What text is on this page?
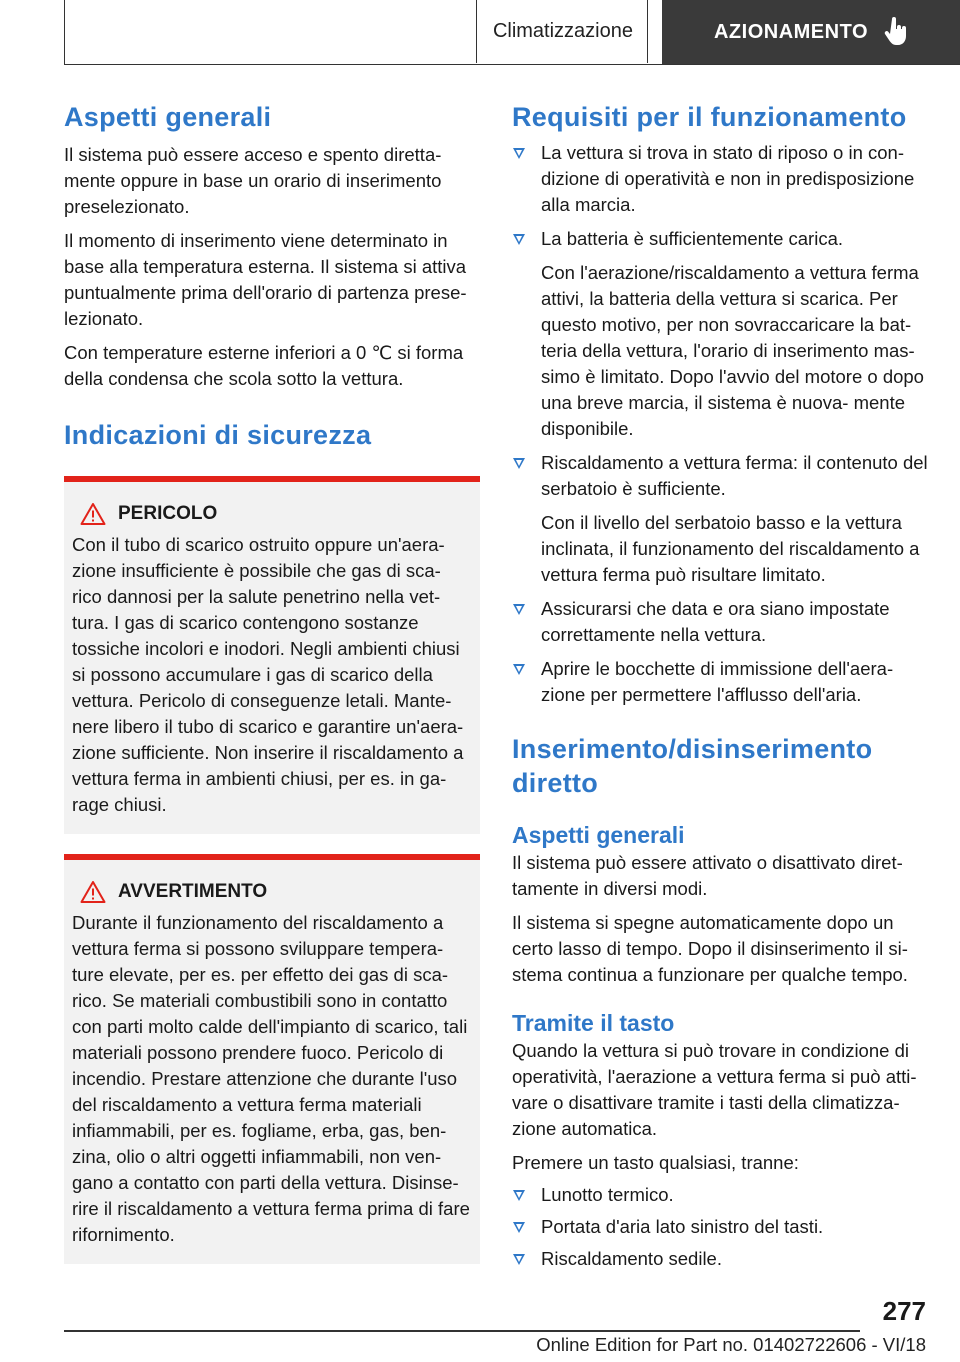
Climatizzazione	AZIONAMENTO
Aspetti generali

Il sistema può essere acceso e spento diretta- mente oppure in base un orario di inserimento preselezionato.

Il momento di inserimento viene determinato in base alla temperatura esterna. Il sistema si attiva puntualmente prima dell'orario di partenza prese- lezionato.

Con temperature esterne inferiori a 0 ℃ si forma della condensa che scola sotto la vettura.

Indicazioni di sicurezza
PERICOLO

Con il tubo di scarico ostruito oppure un'aera- zione insufficiente è possibile che gas di sca- rico dannosi per la salute penetrino nella vet- tura. I gas di scarico contengono sostanze tossiche incolori e inodori. Negli ambienti chiusi si possono accumulare i gas di scarico della vettura. Pericolo di conseguenze letali. Mante- nere libero il tubo di scarico e garantire un'aera- zione sufficiente. Non inserire il riscaldamento a vettura ferma in ambienti chiusi, per es. in ga- rage chiusi.

AVVERTIMENTO

Durante il funzionamento del riscaldamento a vettura ferma si possono sviluppare tempera- ture elevate, per es. per effetto dei gas di sca- rico. Se materiali combustibili sono in contatto con parti molto calde dell'impianto di scarico, tali materiali possono prendere fuoco. Pericolo di incendio. Prestare attenzione che durante l'uso del riscaldamento a vettura ferma materiali infiammabili, per es. fogliame, erba, gas, ben- zina, olio o altri oggetti infiammabili, non ven- gano a contatto con parti della vettura. Disinse- rire il riscaldamento a vettura ferma prima di fare rifornimento.

Requisiti per il funzionamento
La vettura si trova in stato di riposo o in con- dizione di operatività e non in predisposizione alla marcia.
La batteria è sufficientemente carica.
Con l'aerazione/riscaldamento a vettura ferma attivi, la batteria della vettura si scarica. Per questo motivo, per non sovraccaricare la bat- teria della vettura, l'orario di inserimento mas- simo è limitato. Dopo l'avvio del motore o dopo una breve marcia, il sistema è nuova- mente disponibile.
Riscaldamento a vettura ferma: il contenuto del serbatoio è sufficiente.
Con il livello del serbatoio basso e la vettura inclinata, il funzionamento del riscaldamento a vettura ferma può risultare limitato.
Assicurarsi che data e ora siano impostate correttamente nella vettura.
Aprire le bocchette di immissione dell'aera- zione per permettere l'afflusso dell'aria.
Inserimento/disinserimento diretto
Aspetti generali

Il sistema può essere attivato o disattivato diret- tamente in diversi modi.

Il sistema si spegne automaticamente dopo un certo lasso di tempo. Dopo il disinserimento il si- stema continua a funzionare per qualche tempo.

Tramite il tasto

Quando la vettura si può trovare in condizione di operatività, l'aerazione a vettura ferma si può atti- vare o disattivare tramite i tasti della climatizza- zione automatica.

Premere un tasto qualsiasi, tranne:

Lunotto termico.
Portata d'aria lato sinistro del tasti.
Riscaldamento sedile.
277
Online Edition for Part no. 01402722606 - VI/18
